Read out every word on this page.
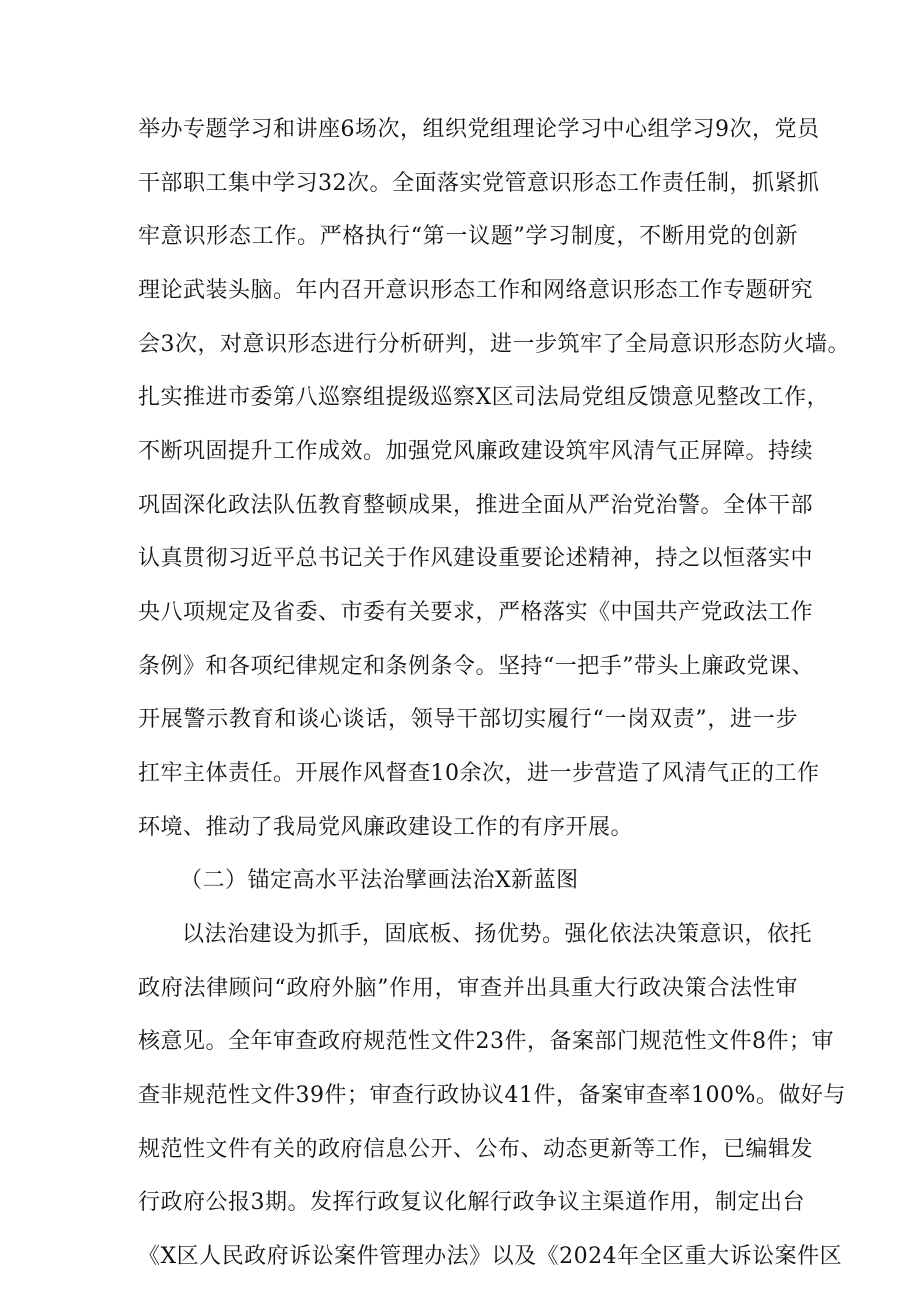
举办专题学习和讲座6场次，组织党组理论学习中心组学习9次，党员
干部职工集中学习32次。全面落实党管意识形态工作责任制，抓紧抓
牢意识形态工作。严格执行“第一议题”学习制度，不断用党的创新
理论武装头脑。年内召开意识形态工作和网络意识形态工作专题研究
会3次，对意识形态进行分析研判，进一步筑牢了全局意识形态防火墙。
扎实推进市委第八巡察组提级巡察X区司法局党组反馈意见整改工作，
不断巩固提升工作成效。加强党风廉政建设筑牢风清气正屏障。持续
巩固深化政法队伍教育整顿成果，推进全面从严治党治警。全体干部
认真贯彻习近平总书记关于作风建设重要论述精神，持之以恒落实中
央八项规定及省委、市委有关要求，严格落实《中国共产党政法工作
条例》和各项纪律规定和条例条令。坚持“一把手”带头上廉政党课、
开展警示教育和谈心谈话，领导干部切实履行“一岗双责”，进一步
扛牢主体责任。开展作风督查10余次，进一步营造了风清气正的工作
环境、推动了我局党风廉政建设工作的有序开展。
（二）锚定高水平法治擘画法治X新蓝图
以法治建设为抓手，固底板、扬优势。强化依法决策意识，依托
政府法律顾问“政府外脑”作用，审查并出具重大行政决策合法性审
核意见。全年审查政府规范性文件23件，备案部门规范性文件8件；审
查非规范性文件39件；审查行政协议41件，备案审查率100%。做好与
规范性文件有关的政府信息公开、公布、动态更新等工作，已编辑发
行政府公报3期。发挥行政复议化解行政争议主渠道作用，制定出台
《X区人民政府诉讼案件管理办法》以及《2024年全区重大诉讼案件区
